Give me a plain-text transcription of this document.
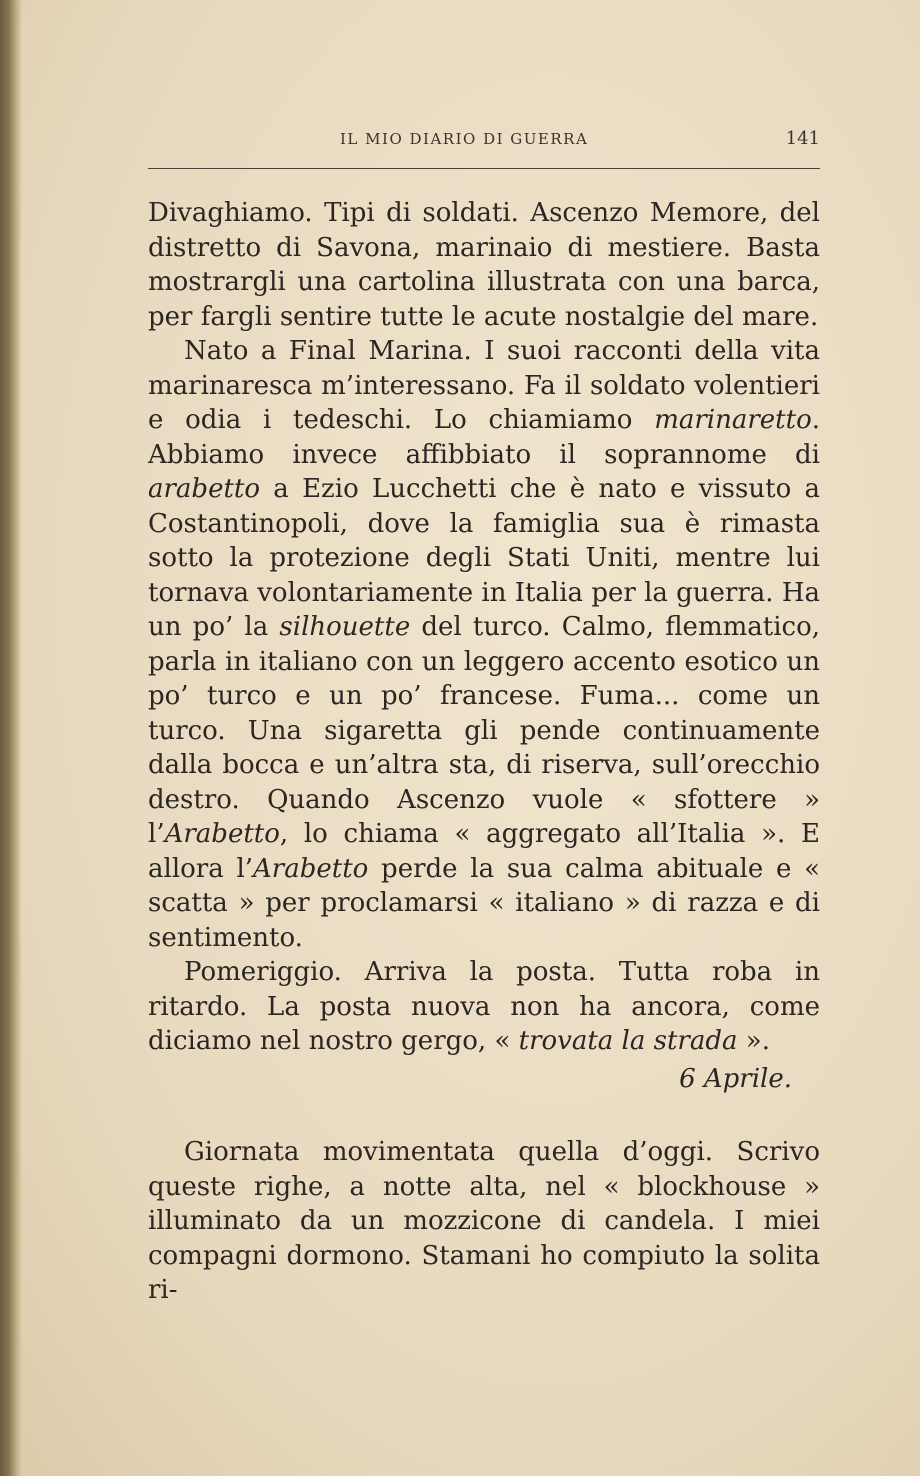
IL MIO DIARIO DI GUERRA	141

Divaghiamo. Tipi di soldati. Ascenzo Memore, del distretto di Savona, marinaio di mestiere. Basta mostrargli una cartolina illustrata con una barca, per fargli sentire tutte le acute nostalgie del mare.

Nato a Final Marina. I suoi racconti della vita marinaresca m’interessano. Fa il soldato volentieri e odia i tedeschi. Lo chiamiamo marinaretto. Abbiamo invece affibbiato il soprannome di arabetto a Ezio Lucchetti che è nato e vissuto a Costantinopoli, dove la famiglia sua è rimasta sotto la protezione degli Stati Uniti, mentre lui tornava volontariamente in Italia per la guerra. Ha un po’ la silhouette del turco. Calmo, flemmatico, parla in italiano con un leggero accento esotico un po’ turco e un po’ francese. Fuma... come un turco. Una sigaretta gli pende continuamente dalla bocca e un’altra sta, di riserva, sull’orecchio destro. Quando Ascenzo vuole « sfottere » l’Arabetto, lo chiama « aggregato all’Italia ». E allora l’Arabetto perde la sua calma abituale e « scatta » per proclamarsi « italiano » di razza e di sentimento.

Pomeriggio. Arriva la posta. Tutta roba in ritardo. La posta nuova non ha ancora, come diciamo nel nostro gergo, « trovata la strada ».

6 Aprile.

Giornata movimentata quella d’oggi. Scrivo queste righe, a notte alta, nel « blockhouse » illuminato da un mozzicone di candela. I miei compagni dormono. Stamani ho compiuto la solita ri-
